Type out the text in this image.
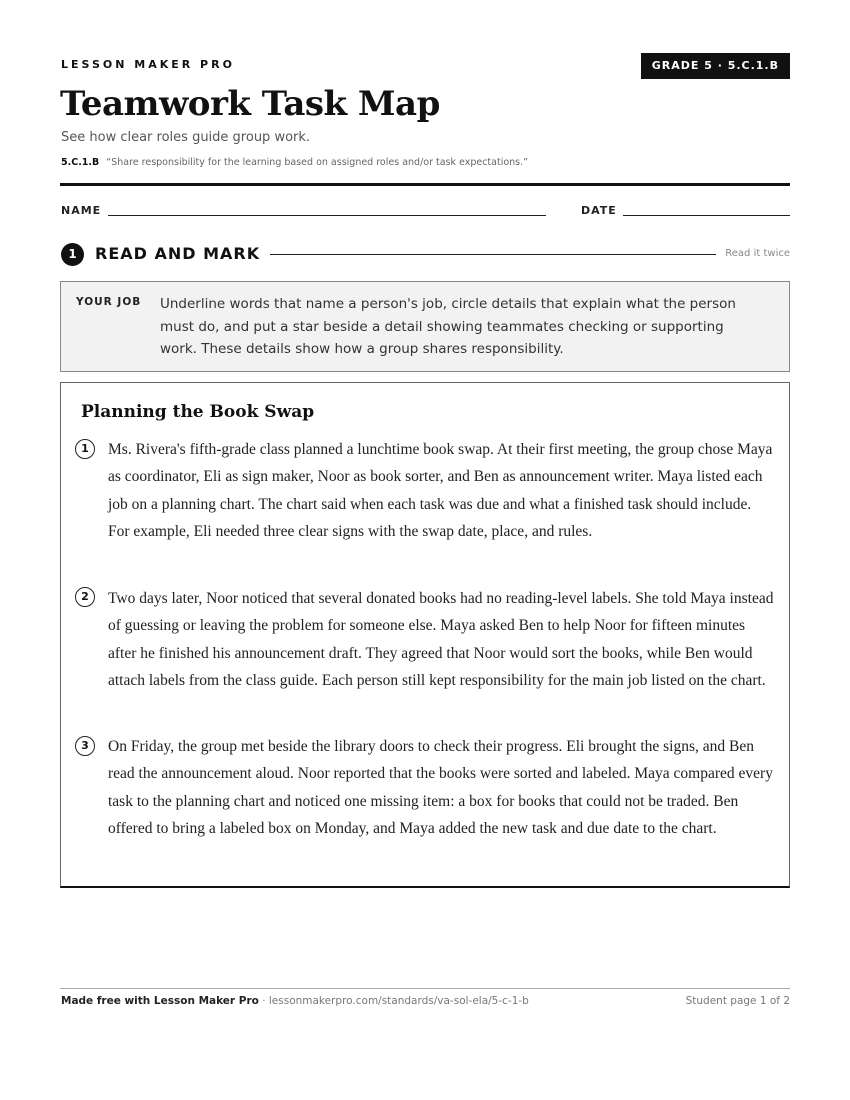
LESSON MAKER PRO	GRADE 5 · 5.C.1.B
Teamwork Task Map
See how clear roles guide group work.
5.C.1.B “Share responsibility for the learning based on assigned roles and/or task expectations.”
NAME	DATE
1	READ AND MARK	Read it twice
YOUR JOB Underline words that name a person's job, circle details that explain what the person must do, and put a star beside a detail showing teammates checking or supporting work. These details show how a group shares responsibility.
Planning the Book Swap
1	Ms. Rivera's fifth-grade class planned a lunchtime book swap. At their first meeting, the group chose Maya as coordinator, Eli as sign maker, Noor as book sorter, and Ben as announcement writer. Maya listed each job on a planning chart. The chart said when each task was due and what a finished task should include. For example, Eli needed three clear signs with the swap date, place, and rules.
2	Two days later, Noor noticed that several donated books had no reading-level labels. She told Maya instead of guessing or leaving the problem for someone else. Maya asked Ben to help Noor for fifteen minutes after he finished his announcement draft. They agreed that Noor would sort the books, while Ben would attach labels from the class guide. Each person still kept responsibility for the main job listed on the chart.
3	On Friday, the group met beside the library doors to check their progress. Eli brought the signs, and Ben read the announcement aloud. Noor reported that the books were sorted and labeled. Maya compared every task to the planning chart and noticed one missing item: a box for books that could not be traded. Ben offered to bring a labeled box on Monday, and Maya added the new task and due date to the chart.
Made free with Lesson Maker Pro · lessonmakerpro.com/standards/va-sol-ela/5-c-1-b	Student page 1 of 2
